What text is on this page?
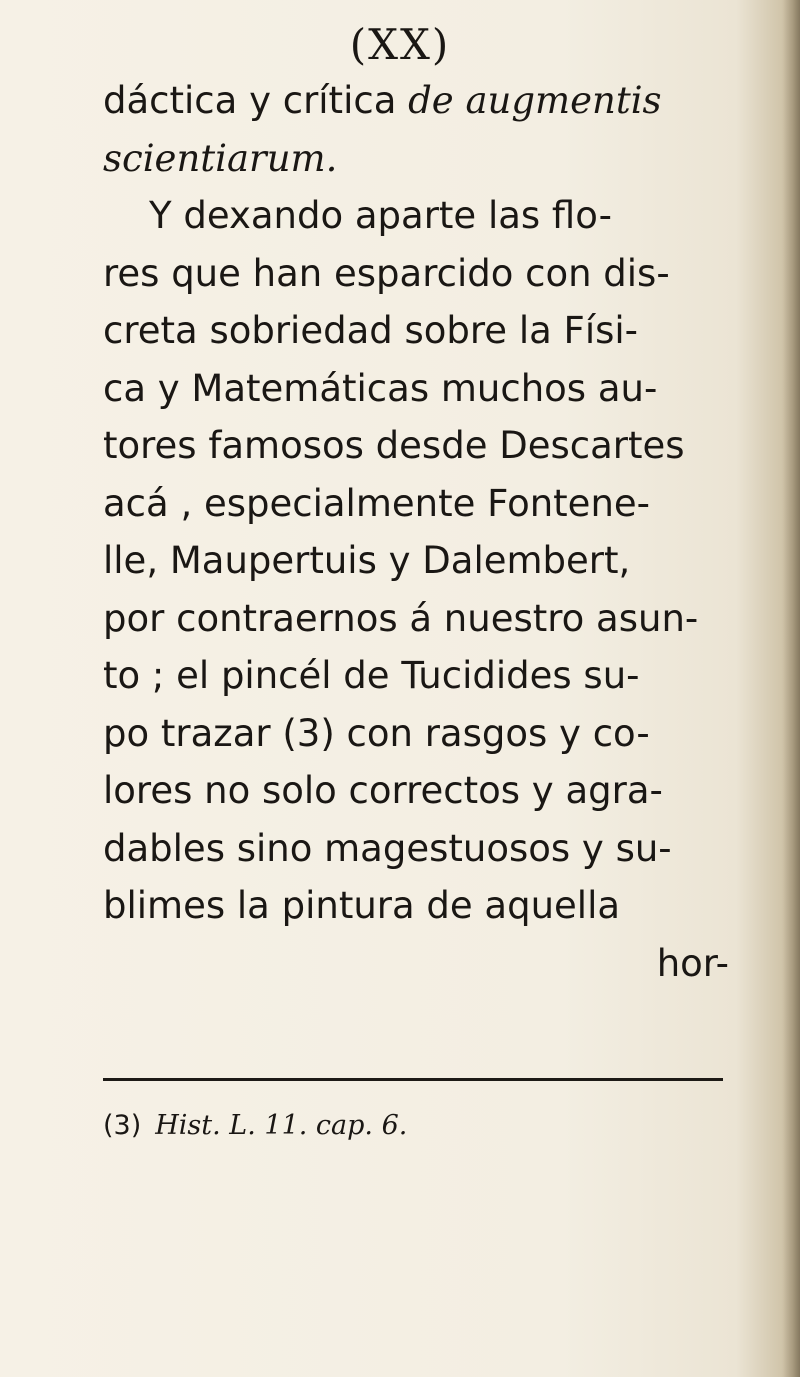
(XX)
dáctica y crítica de augmentis
scientiarum.
Y dexando aparte las flo-
res que han esparcido con dis-
creta sobriedad sobre la Físi-
ca y Matemáticas muchos au-
tores famosos desde Descartes
acá , especialmente Fontene-
lle, Maupertuis y Dalembert,
por contraernos á nuestro asun-
to ; el pincél de Tucidides su-
po trazar (3) con rasgos y co-
lores no solo correctos y agra-
dables sino magestuosos y su-
blimes la pintura de aquella
hor-
(3) Hist. L. 11. cap. 6.
